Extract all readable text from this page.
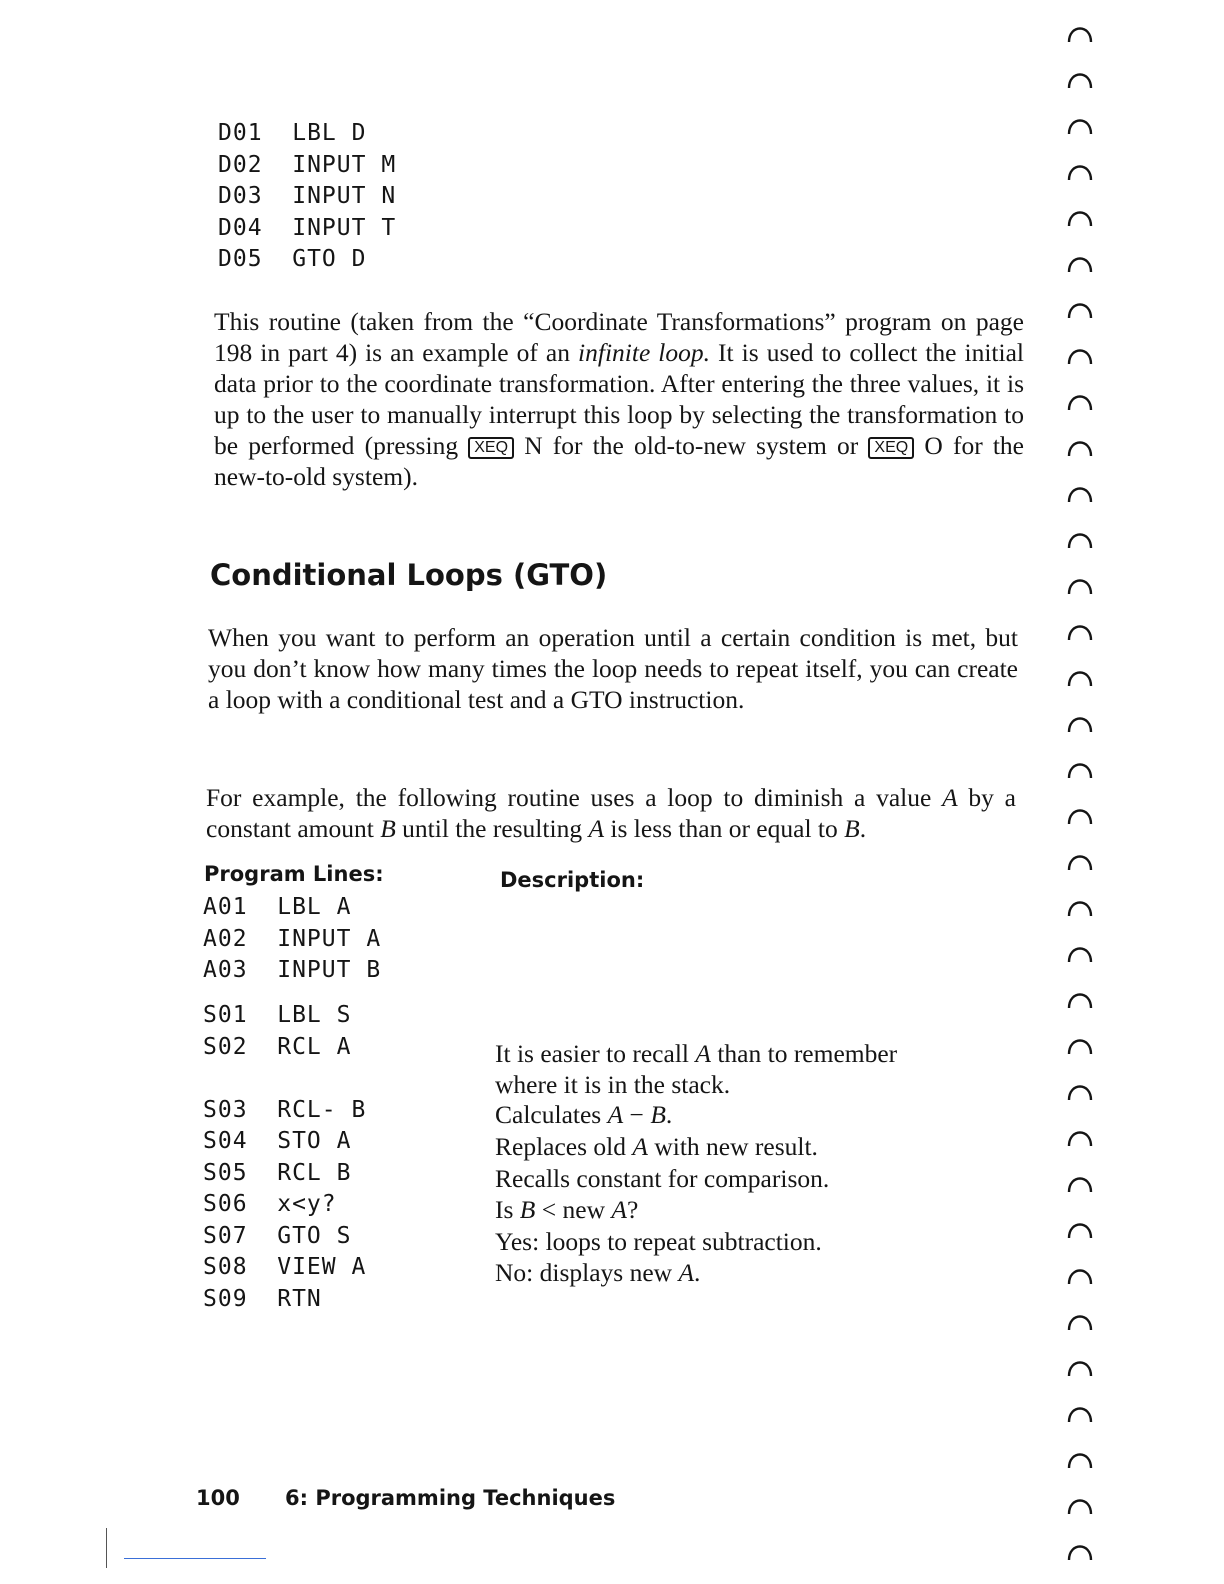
D01  LBL D
D02  INPUT M
D03  INPUT N
D04  INPUT T
D05  GTO D

This routine (taken from the “Coordinate Transformations” program on page 198 in part 4) is an example of an infinite loop. It is used to collect the initial data prior to the coordinate transformation. After entering the three values, it is up to the user to manually interrupt this loop by selecting the transformation to be performed (pressing XEQ N for the old-to-new system or XEQ O for the new-to-old system).

Conditional Loops (GTO)

When you want to perform an operation until a certain condition is met, but you don’t know how many times the loop needs to repeat itself, you can create a loop with a conditional test and a GTO instruction.

For example, the following routine uses a loop to diminish a value A by a constant amount B until the resulting A is less than or equal to B.

Program Lines:	Description:
A01  LBL A
A02  INPUT A
A03  INPUT B
S01  LBL S
S02  RCL A
S03  RCL- B
S04  STO A
S05  RCL B
S06  x<y?
S07  GTO S
S08  VIEW A
S09  RTN
It is easier to recall A than to remember
where it is in the stack.
Calculates A − B.
Replaces old A with new result.
Recalls constant for comparison.
Is B < new A?
Yes: loops to repeat subtraction.
No: displays new A.
100 6: Programming Techniques
